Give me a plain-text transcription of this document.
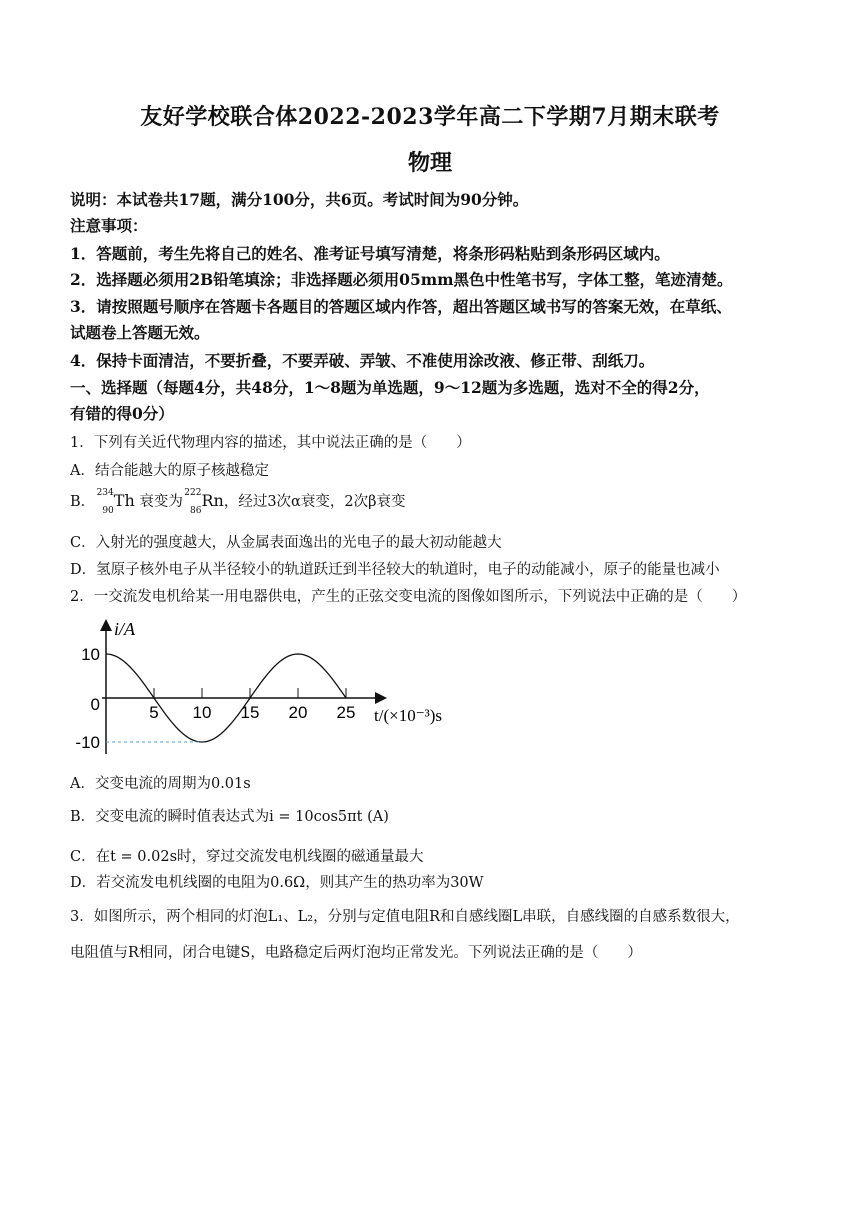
友好学校联合体2022-2023学年高二下学期7月期末联考
物理
说明：本试卷共17题，满分100分，共6页。考试时间为90分钟。
注意事项：
1．答题前，考生先将自己的姓名、准考证号填写清楚，将条形码粘贴到条形码区域内。
2．选择题必须用2B铅笔填涂；非选择题必须用05mm黑色中性笔书写，字体工整，笔迹清楚。
3．请按照题号顺序在答题卡各题目的答题区域内作答，超出答题区域书写的答案无效，在草纸、
试题卷上答题无效。
4．保持卡面清洁，不要折叠，不要弄破、弄皱、不准使用涂改液、修正带、刮纸刀。
一、选择题（每题4分，共48分，1～8题为单选题，9～12题为多选题，选对不全的得2分，
有错的得0分）
1．下列有关近代物理内容的描述，其中说法正确的是（　　）
A．结合能越大的原子核越稳定
B．
234
90
Th 衰变为
222
86
Rn，经过3次α衰变，2次β衰变
C．入射光的强度越大，从金属表面逸出的光电子的最大初动能越大
D．氢原子核外电子从半径较小的轨道跃迁到半径较大的轨道时，电子的动能减小，原子的能量也减小
2．一交流发电机给某一用电器供电，产生的正弦交变电流的图像如图所示，下列说法中正确的是（　　）
i/A
t/(×10⁻³)s
5 10 15 20 25
10
0
-10
A．交变电流的周期为0.01s
B．交变电流的瞬时值表达式为i = 10cos5πt (A)
C．在t = 0.02s时，穿过交流发电机线圈的磁通量最大
D．若交流发电机线圈的电阻为0.6Ω，则其产生的热功率为30W
3．如图所示，两个相同的灯泡L₁、L₂，分别与定值电阻R和自感线圈L串联，自感线圈的自感系数很大，
电阻值与R相同，闭合电键S，电路稳定后两灯泡均正常发光。下列说法正确的是（　　）
